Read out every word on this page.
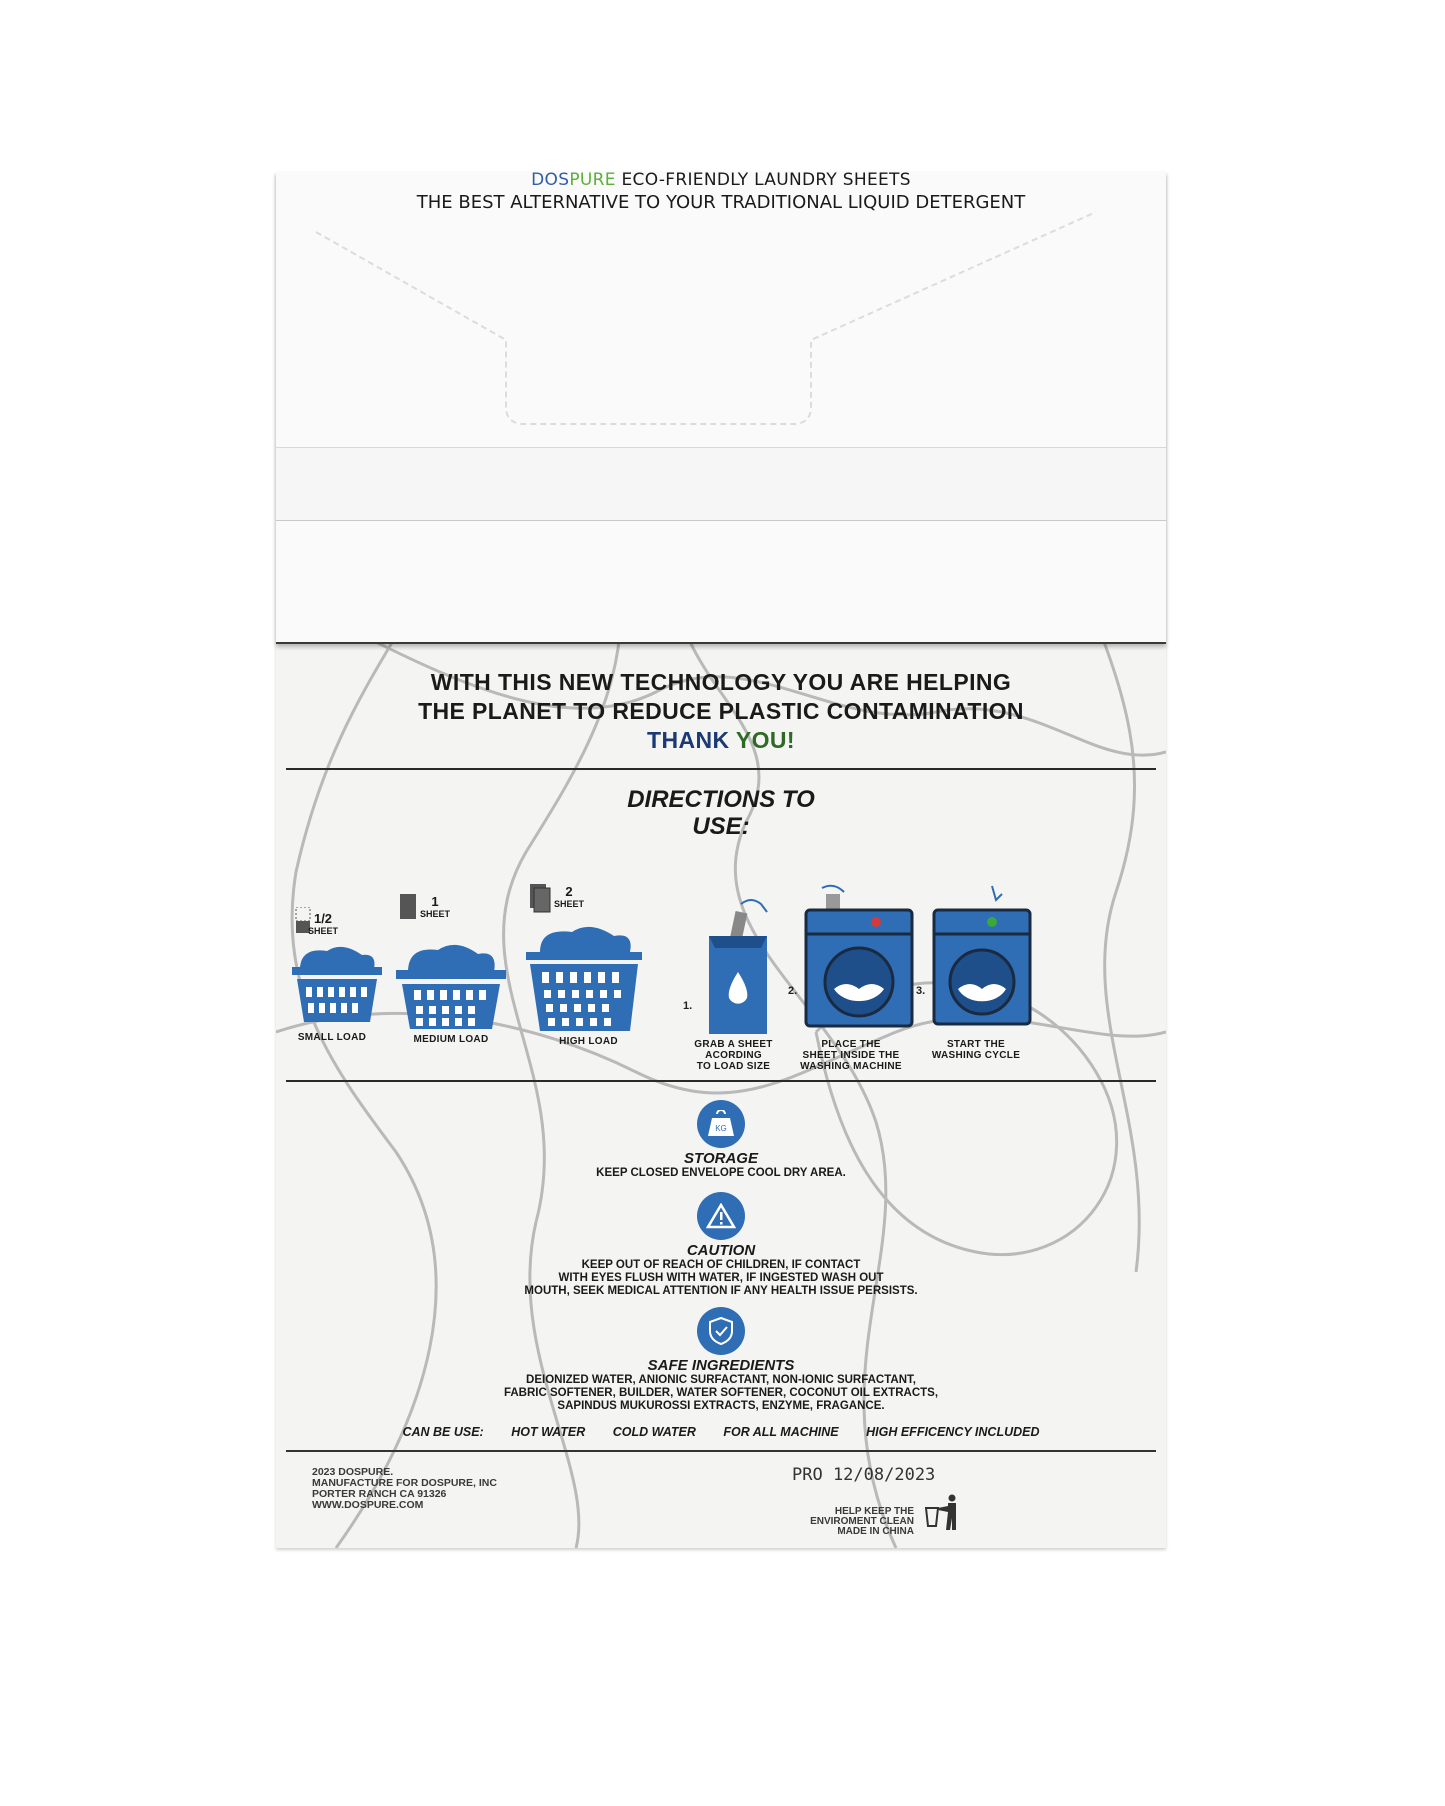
DOSPURE ECO-FRIENDLY LAUNDRY SHEETS
THE BEST ALTERNATIVE TO YOUR TRADITIONAL LIQUID DETERGENT
WITH THIS NEW TECHNOLOGY YOU ARE HELPING
THE PLANET TO REDUCE PLASTIC CONTAMINATION
THANK YOU!
DIRECTIONS TO
USE:
1/2
SHEET
SMALL LOAD
1
SHEET
MEDIUM LOAD
2
SHEET
HIGH LOAD
1.
GRAB A SHEET
ACORDING
TO LOAD SIZE
2.
PLACE THE
SHEET INSIDE THE
WASHING MACHINE
3.
START THE
WASHING CYCLE
KG
STORAGE
KEEP CLOSED ENVELOPE COOL DRY AREA.
CAUTION
KEEP OUT OF REACH OF CHILDREN, IF CONTACT
WITH EYES FLUSH WITH WATER, IF INGESTED WASH OUT
MOUTH, SEEK MEDICAL ATTENTION IF ANY HEALTH ISSUE PERSISTS.
SAFE INGREDIENTS
DEIONIZED WATER, ANIONIC SURFACTANT, NON-IONIC SURFACTANT,
FABRIC SOFTENER, BUILDER, WATER SOFTENER, COCONUT OIL EXTRACTS,
SAPINDUS MUKUROSSI EXTRACTS, ENZYME, FRAGANCE.
CAN BE USE: HOT WATER COLD WATER FOR ALL MACHINE HIGH EFFICENCY INCLUDED
2023 DOSPURE.
MANUFACTURE FOR DOSPURE, INC
PORTER RANCH CA 91326
WWW.DOSPURE.COM
PRO 12/08/2023
HELP KEEP THE
ENVIROMENT CLEAN
MADE IN CHINA
